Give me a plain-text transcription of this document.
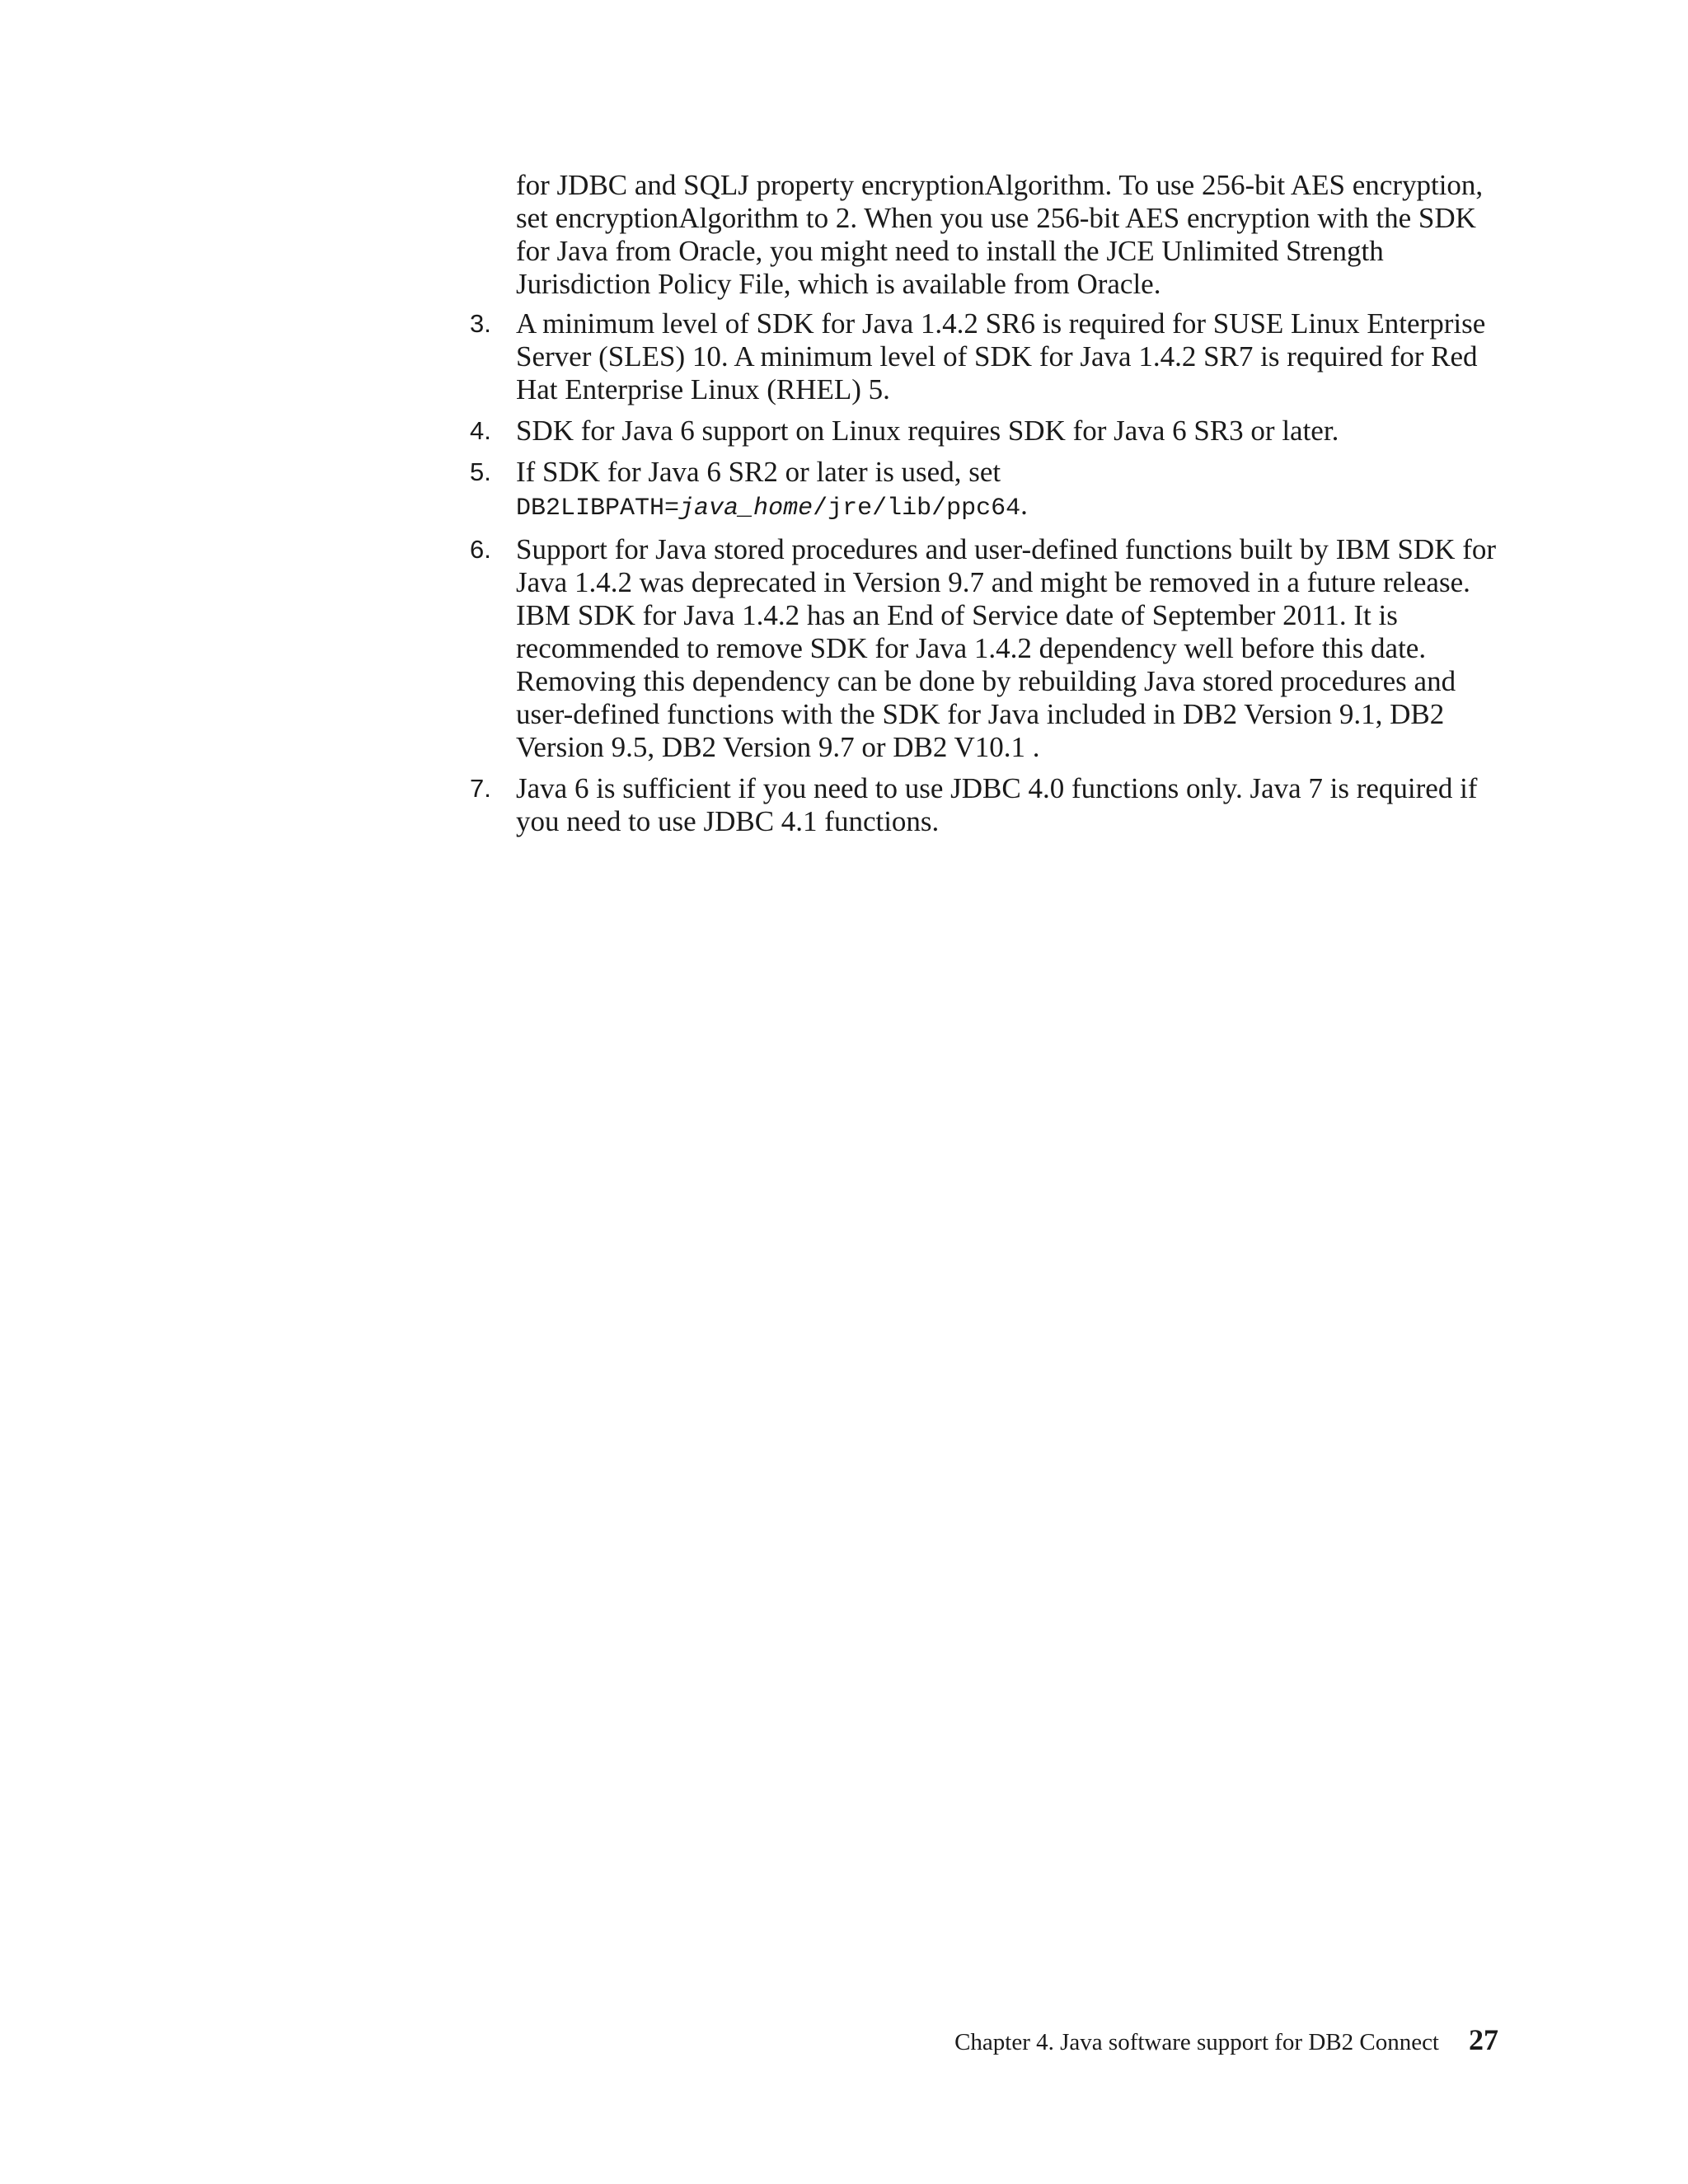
for JDBC and SQLJ property encryptionAlgorithm. To use 256-bit AES encryption, set encryptionAlgorithm to 2. When you use 256-bit AES encryption with the SDK for Java from Oracle, you might need to install the JCE Unlimited Strength Jurisdiction Policy File, which is available from Oracle.
3. A minimum level of SDK for Java 1.4.2 SR6 is required for SUSE Linux Enterprise Server (SLES) 10. A minimum level of SDK for Java 1.4.2 SR7 is required for Red Hat Enterprise Linux (RHEL) 5.
4. SDK for Java 6 support on Linux requires SDK for Java 6 SR3 or later.
5. If SDK for Java 6 SR2 or later is used, set DB2LIBPATH=java_home/jre/lib/ppc64.
6. Support for Java stored procedures and user-defined functions built by IBM SDK for Java 1.4.2 was deprecated in Version 9.7 and might be removed in a future release. IBM SDK for Java 1.4.2 has an End of Service date of September 2011. It is recommended to remove SDK for Java 1.4.2 dependency well before this date. Removing this dependency can be done by rebuilding Java stored procedures and user-defined functions with the SDK for Java included in DB2 Version 9.1, DB2 Version 9.5, DB2 Version 9.7 or DB2 V10.1 .
7. Java 6 is sufficient if you need to use JDBC 4.0 functions only. Java 7 is required if you need to use JDBC 4.1 functions.
Chapter 4. Java software support for DB2 Connect 27
